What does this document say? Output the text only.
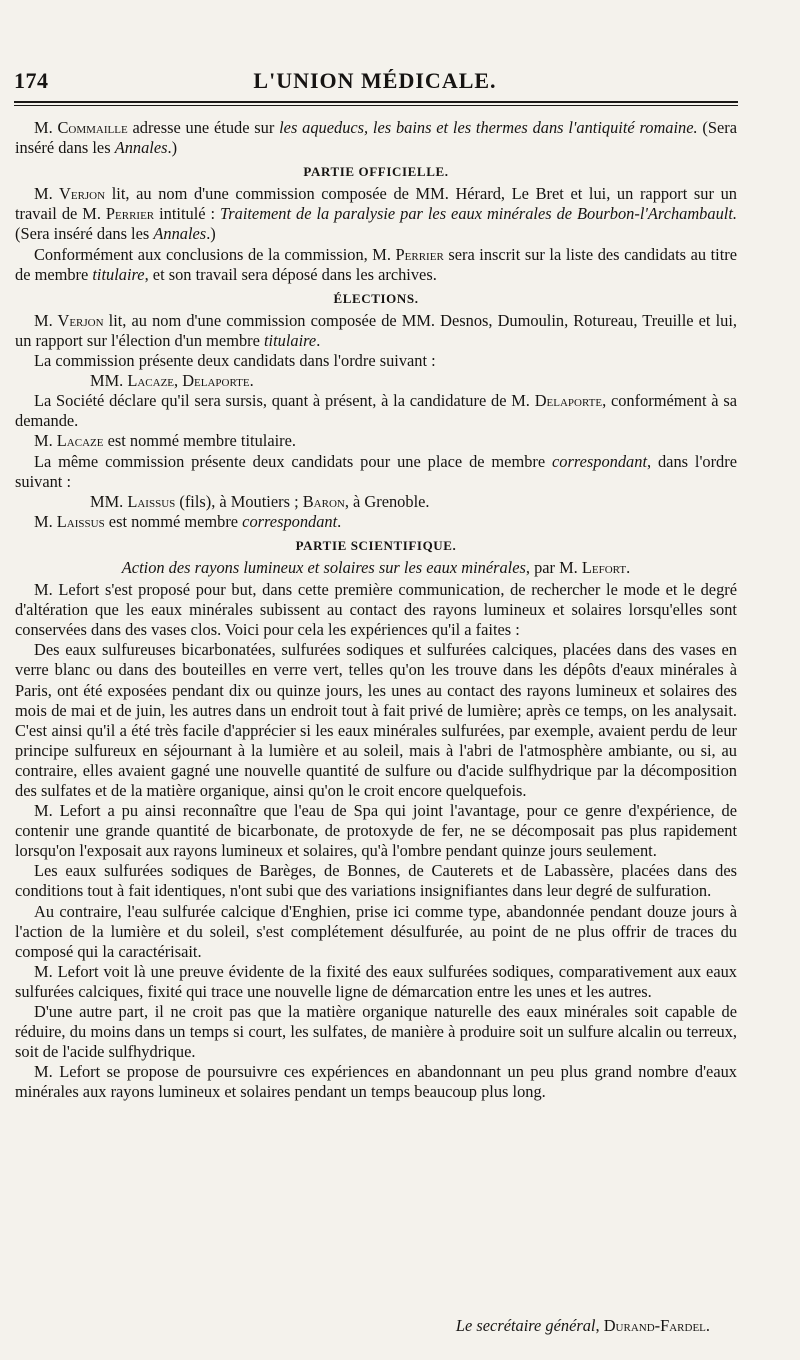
174	L'UNION MÉDICALE.

M. Commaille adresse une étude sur les aqueducs, les bains et les thermes dans l'antiquité romaine. (Sera inséré dans les Annales.)

PARTIE OFFICIELLE.

M. Verjon lit, au nom d'une commission composée de MM. Hérard, Le Bret et lui, un rapport sur un travail de M. Perrier intitulé : Traitement de la paralysie par les eaux minérales de Bourbon-l'Archambault. (Sera inséré dans les Annales.)

Conformément aux conclusions de la commission, M. Perrier sera inscrit sur la liste des candidats au titre de membre titulaire, et son travail sera déposé dans les archives.

ÉLECTIONS.

M. Verjon lit, au nom d'une commission composée de MM. Desnos, Dumoulin, Rotureau, Treuille et lui, un rapport sur l'élection d'un membre titulaire.

La commission présente deux candidats dans l'ordre suivant :

MM. Lacaze, Delaporte.

La Société déclare qu'il sera sursis, quant à présent, à la candidature de M. Delaporte, conformément à sa demande.

M. Lacaze est nommé membre titulaire.

La même commission présente deux candidats pour une place de membre correspondant, dans l'ordre suivant :

MM. Laissus (fils), à Moutiers ; Baron, à Grenoble.

M. Laissus est nommé membre correspondant.

PARTIE SCIENTIFIQUE.

Action des rayons lumineux et solaires sur les eaux minérales, par M. Lefort.

M. Lefort s'est proposé pour but, dans cette première communication, de rechercher le mode et le degré d'altération que les eaux minérales subissent au contact des rayons lumineux et solaires lorsqu'elles sont conservées dans des vases clos. Voici pour cela les expériences qu'il a faites :

Des eaux sulfureuses bicarbonatées, sulfurées sodiques et sulfurées calciques, placées dans des vases en verre blanc ou dans des bouteilles en verre vert, telles qu'on les trouve dans les dépôts d'eaux minérales à Paris, ont été exposées pendant dix ou quinze jours, les unes au contact des rayons lumineux et solaires des mois de mai et de juin, les autres dans un endroit tout à fait privé de lumière; après ce temps, on les analysait. C'est ainsi qu'il a été très facile d'apprécier si les eaux minérales sulfurées, par exemple, avaient perdu de leur principe sulfureux en séjournant à la lumière et au soleil, mais à l'abri de l'atmosphère ambiante, ou si, au contraire, elles avaient gagné une nouvelle quantité de sulfure ou d'acide sulfhydrique par la décomposition des sulfates et de la matière organique, ainsi qu'on le croit encore quelquefois.

M. Lefort a pu ainsi reconnaître que l'eau de Spa qui joint l'avantage, pour ce genre d'expérience, de contenir une grande quantité de bicarbonate, de protoxyde de fer, ne se décomposait pas plus rapidement lorsqu'on l'exposait aux rayons lumineux et solaires, qu'à l'ombre pendant quinze jours seulement.

Les eaux sulfurées sodiques de Barèges, de Bonnes, de Cauterets et de Labassère, placées dans des conditions tout à fait identiques, n'ont subi que des variations insignifiantes dans leur degré de sulfuration.

Au contraire, l'eau sulfurée calcique d'Enghien, prise ici comme type, abandonnée pendant douze jours à l'action de la lumière et du soleil, s'est complétement désulfurée, au point de ne plus offrir de traces du composé qui la caractérisait.

M. Lefort voit là une preuve évidente de la fixité des eaux sulfurées sodiques, comparativement aux eaux sulfurées calciques, fixité qui trace une nouvelle ligne de démarcation entre les unes et les autres.

D'une autre part, il ne croit pas que la matière organique naturelle des eaux minérales soit capable de réduire, du moins dans un temps si court, les sulfates, de manière à produire soit un sulfure alcalin ou terreux, soit de l'acide sulfhydrique.

M. Lefort se propose de poursuivre ces expériences en abandonnant un peu plus grand nombre d'eaux minérales aux rayons lumineux et solaires pendant un temps beaucoup plus long.

Le secrétaire général, Durand-Fardel.
